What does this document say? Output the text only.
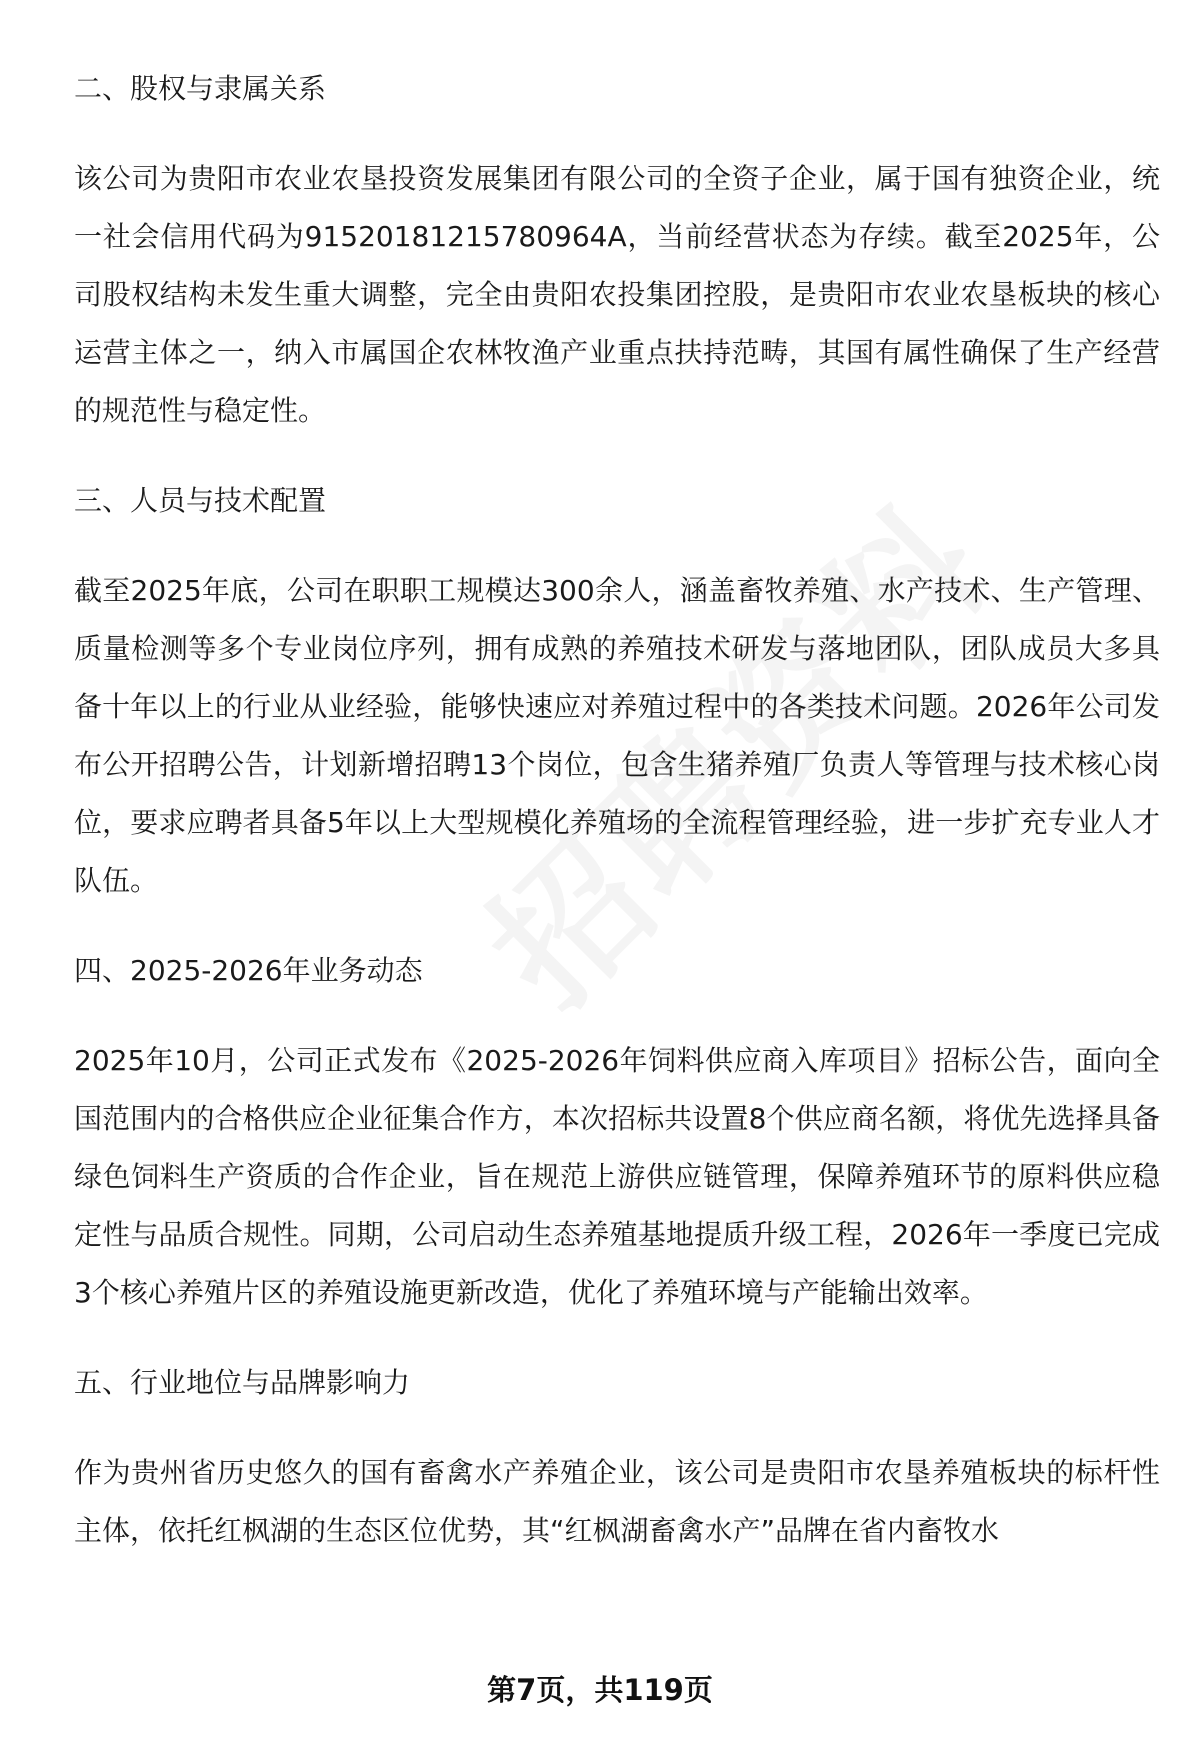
二、股权与隶属关系

该公司为贵阳市农业农垦投资发展集团有限公司的全资子企业，属于国有独资企业，统一社会信用代码为915201812157809​64A，当前经营状态为存续。截至2025年，公司股权结构未发生重大调整，完全由贵阳农投集团控股，是贵阳市农业农垦板块的核心运营主体之一，纳入市属国企农林牧渔产业重点扶持范畴，其国有属性确保了生产经营的规范性与稳定性。

三、人员与技术配置

截至2025年底，公司在职职工规模达300余人，涵盖畜牧养殖、水产技术、生产管理、质量检测等多个专业岗位序列，拥有成熟的养殖技术研发与落地团队，团队成员大多具备十年以上的行业从业经验，能够快速应对养殖过程中的各类技术问题。2026年公司发布公开招聘公告，计划新增招聘13个岗位，包含生猪养殖厂负责人等管理与技术核心岗位，要求应聘者具备5年以上大型规模化养殖场的全流程管理经验，进一步扩充专业人才队伍。

四、2025-2026年业务动态

2025年10月，公司正式发布《2025-2026年饲料供应商入库项目》招标公告，面向全国范围内的合格供应企业征集合作方，本次招标共设置8个供应商名额，将优先选择具备绿色饲料生产资质的合作企业，旨在规范上游供应链管理，保障养殖环节的原料供应稳定性与品质合规性。同期，公司启动生态养殖基地提质升级工程，2026年一季度已完成3个核心养殖片区的养殖设施更新改造，优化了养殖环境与产能输出效率。

五、行业地位与品牌影响力

作为贵州省历史悠久的国有畜禽水产养殖企业，该公司是贵阳市农垦养殖板块的标杆性主体，依托红枫湖的生态区位优势，其“红枫湖畜禽水产”品牌在省内畜牧水

第7页，共119页
